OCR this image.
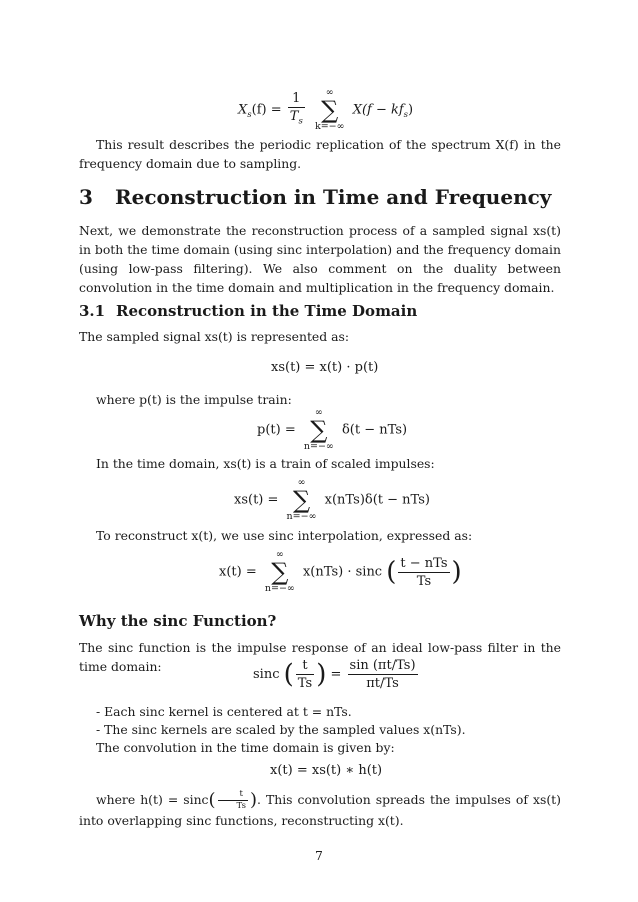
$X_s(f) = \frac{1}{T_s}$
	∞
∑
k=−∞
$X(f - kf_s)$

This result describes the periodic replication of the spectrum X(f) in the frequency domain due to sampling.

3 Reconstruction in Time and Frequency

Next, we demonstrate the reconstruction process of a sampled signal xs(t) in both the time domain (using sinc interpolation) and the frequency domain (using low-pass filtering). We also comment on the duality between convolution in the time domain and multiplication in the frequency domain.

3.1 Reconstruction in the Time Domain

The sampled signal xs(t) is represented as:

xs(t) = x(t) · p(t)

where p(t) is the impulse train:

p(t) =
∞
∑
n=−∞
δ(t − nTs)

In the time domain, xs(t) is a train of scaled impulses:

xs(t) =
∞
∑
n=−∞
x(nTs)δ(t − nTs)

To reconstruct x(t), we use sinc interpolation, expressed as:

x(t) =
∞
∑
n=−∞
x(nTs) · sinc ( $\frac{\text{t − nTs}}{Ts}$ )
Why the sinc Function?

The sinc function is the impulse response of an ideal low-pass filter in the time domain:

sinc ( $\frac{t}{Ts}$ ) = $\frac{\sin (\pi t/Ts)}{\pi t/Ts}$

- Each sinc kernel is centered at t = nTs.

- The sinc kernels are scaled by the sampled values x(nTs).

The convolution in the time domain is given by:

x(t) = xs(t) ∗ h(t)

where $h(t) = \sin c( \frac{t}{Ts}$ ). This convolution spreads the impulses of xs(t) into overlapping sinc functions, reconstructing x(t).

7
